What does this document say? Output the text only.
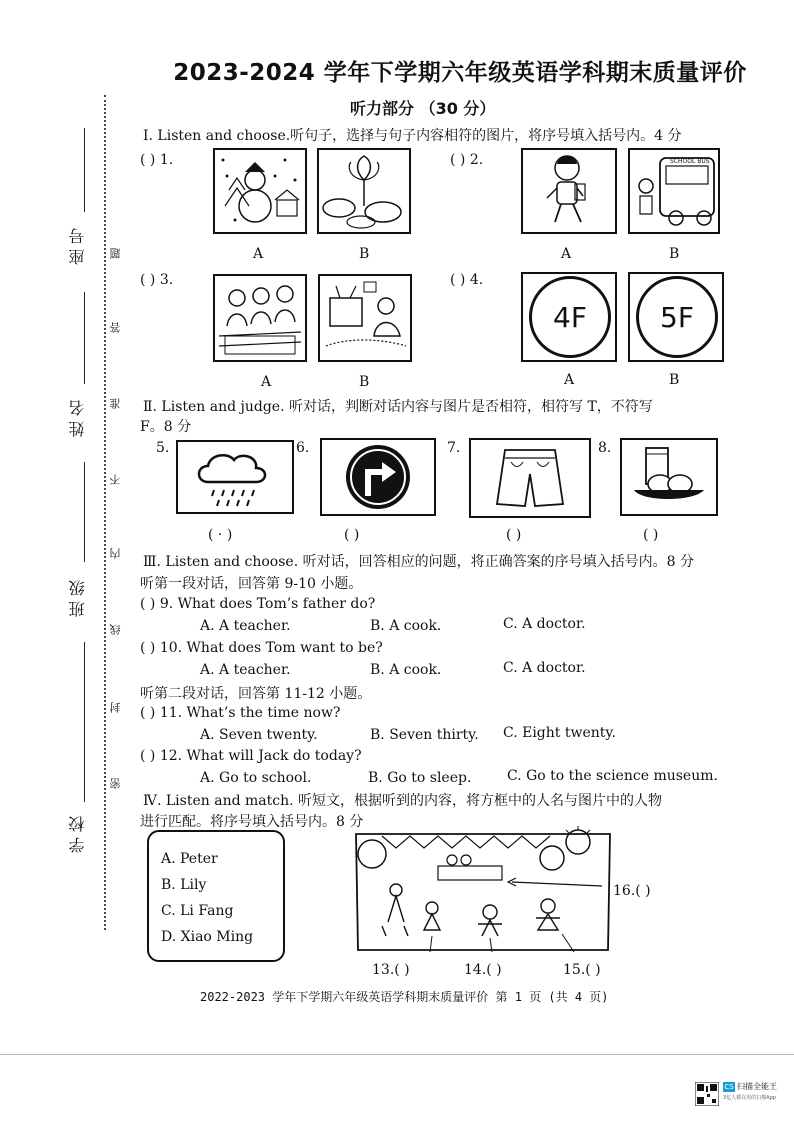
2023-2024 学年下学期六年级英语学科期末质量评价
听力部分 （30 分）
座 号
姓 名
班 级
学 校
题
答
准
不
内
线
封
密
Ⅰ. Listen and choose.听句子，选择与句子内容相符的图片，将序号填入括号内。4 分
( ) 1.
A	B
( ) 2.	SCHOOL BUS
A	B
( ) 3.
A	B
( ) 4.
4F	5F
A	B
Ⅱ. Listen and judge. 听对话，判断对话内容与图片是否相符，相符写 T，不符写
F。8 分
5.	6.	7.	8.
( · )	( )	( )	( )
Ⅲ. Listen and choose. 听对话，回答相应的问题，将正确答案的序号填入括号内。8 分
听第一段对话，回答第 9-10 小题。
( ) 9. What does Tom’s father do?
A. A teacher.	B. A cook.	C. A doctor.
( ) 10. What does Tom want to be?
A. A teacher.	B. A cook.	C. A doctor.
听第二段对话，回答第 11-12 小题。
( ) 11. What’s the time now?
A. Seven twenty.	B. Seven thirty. C. Eight twenty.
( ) 12. What will Jack do today?
A. Go to school.	B. Go to sleep.	C. Go to the science museum.
Ⅳ. Listen and match. 听短文，根据听到的内容，将方框中的人名与图片中的人物
进行匹配。将序号填入括号内。8 分
A. Peter
B. Lily
C. Li Fang
D. Xiao Ming
16.( )
13.( )	14.( )	15.( )
2022-2023 学年下学期六年级英语学科期末质量评价 第 1 页 (共 4 页)
CS 扫描全能王
3亿人都在用的扫描App
